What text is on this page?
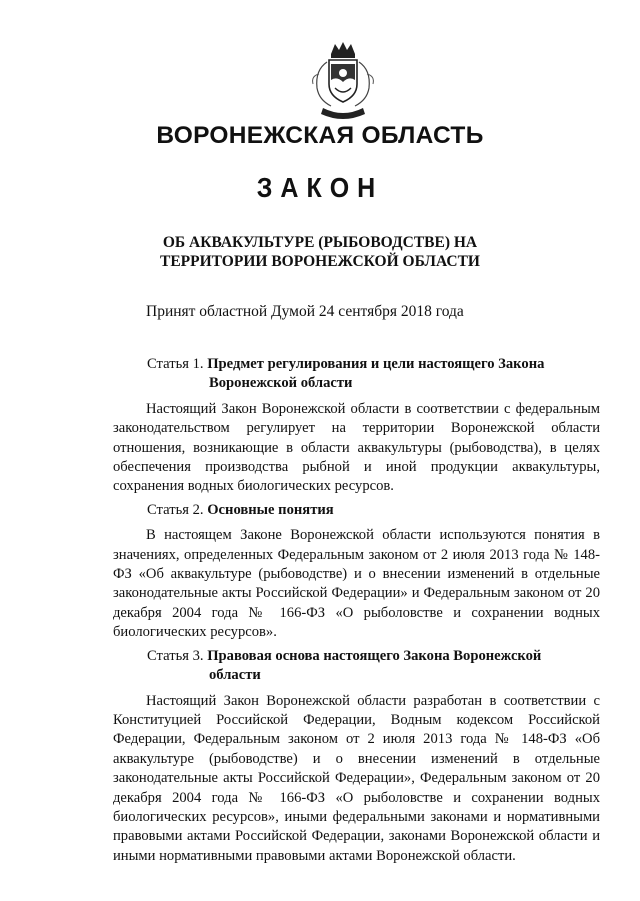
ВОРОНЕЖСКАЯ ОБЛАСТЬ
ЗАКОН
ОБ АКВАКУЛЬТУРЕ (РЫБОВОДСТВЕ) НА
ТЕРРИТОРИИ ВОРОНЕЖСКОЙ ОБЛАСТИ
Принят областной Думой 24 сентября 2018 года

Статья 1. Предмет регулирования и цели настоящего Закона
Воронежской области

Настоящий Закон Воронежской области в соответствии с федеральным законодательством регулирует на территории Воронежской области отношения, возникающие в области аквакультуры (рыбоводства), в целях обеспечения производства рыбной и иной продукции аквакультуры, сохранения водных биологических ресурсов.

Статья 2. Основные понятия

В настоящем Законе Воронежской области используются понятия в значениях, определенных Федеральным законом от 2 июля 2013 года № 148-ФЗ «Об аквакультуре (рыбоводстве) и о внесении изменений в отдельные законодательные акты Российской Федерации» и Федеральным законом от 20 декабря 2004 года № 166-ФЗ «О рыболовстве и сохранении водных биологических ресурсов».

Статья 3. Правовая основа настоящего Закона Воронежской
области

Настоящий Закон Воронежской области разработан в соответствии с Конституцией Российской Федерации, Водным кодексом Российской Федерации, Федеральным законом от 2 июля 2013 года № 148-ФЗ «Об аквакультуре (рыбоводстве) и о внесении изменений в отдельные законодательные акты Российской Федерации», Федеральным законом от 20 декабря 2004 года № 166-ФЗ «О рыболовстве и сохранении водных биологических ресурсов», иными федеральными законами и нормативными правовыми актами Российской Федерации, законами Воронежской области и иными нормативными правовыми актами Воронежской области.
